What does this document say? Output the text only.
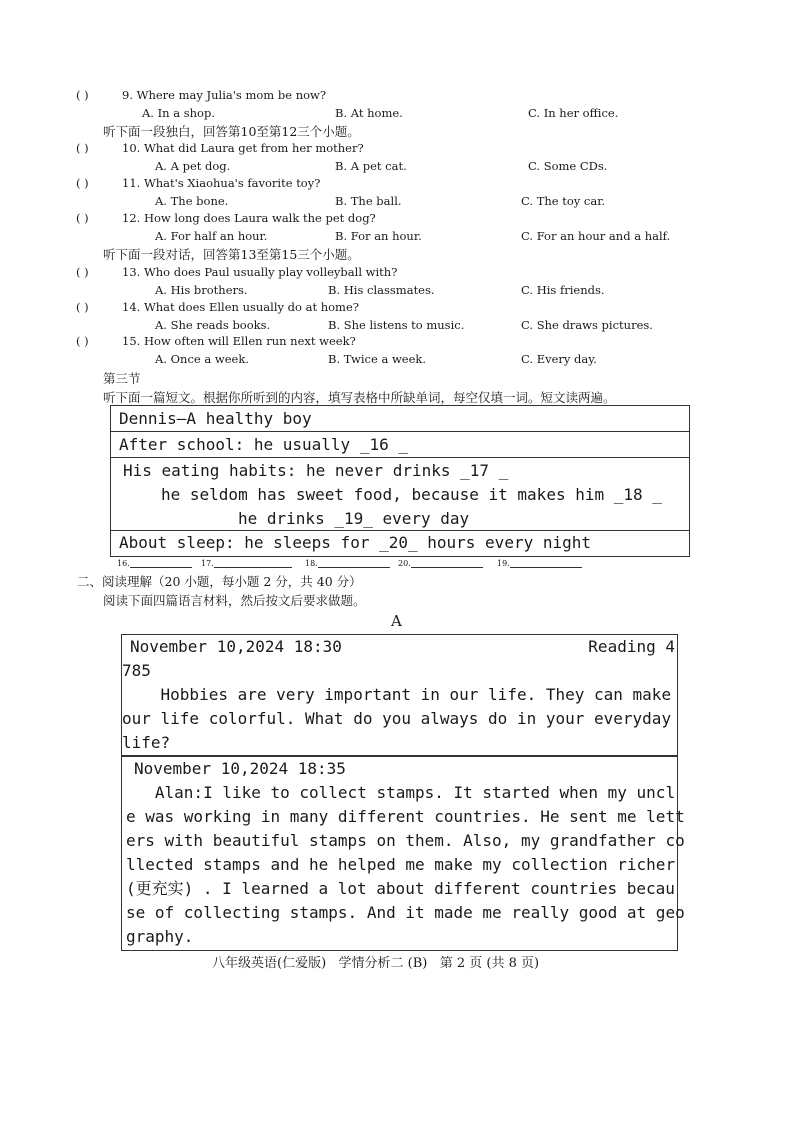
( )	9. Where may Julia's mom be now?
A. In a shop.	B. At home.	C. In her office.
听下面一段独白，回答第10至第12三个小题。
( )	10. What did Laura get from her mother?
A. A pet dog.	B. A pet cat.	C. Some CDs.
( )	11. What's Xiaohua's favorite toy?
A. The bone.	B. The ball.	C. The toy car.
( )	12. How long does Laura walk the pet dog?
A. For half an hour.	B. For an hour.	C. For an hour and a half.
听下面一段对话，回答第13至第15三个小题。
( )	13. Who does Paul usually play volleyball with?
A. His brothers.	B. His classmates.	C. His friends.
( )	14. What does Ellen usually do at home?
A. She reads books.	B. She listens to music.	C. She draws pictures.
( )	15. How often will Ellen run next week?
A. Once a week.	B. Twice a week.	C. Every day.
第三节
听下面一篇短文。根据你所听到的内容，填写表格中所缺单词，每空仅填一词。短文读两遍。
Dennis—A healthy boy
After school: he usually _16 _
His eating habits: he never drinks _17 _
he seldom has sweet food, because it makes him _18 _
he drinks _19_ every day
About sleep: he sleeps for _20_ hours every night
16.	17.	18.	20.	19.
二、阅读理解（20 小题，每小题 2 分，共 40 分）
阅读下面四篇语言材料，然后按文后要求做题。
A
November 10,2024 18:30	Reading 4
785
Hobbies are very important in our life. They can make
our life colorful. What do you always do in your everyday
life?
November 10,2024 18:35
Alan:I like to collect stamps. It started when my uncl
e was working in many different countries. He sent me lett
ers with beautiful stamps on them. Also, my grandfather co
llected stamps and he helped me make my collection richer
(更充实) . I learned a lot about different countries becau
se of collecting stamps. And it made me really good at geo
graphy.
八年级英语(仁爱版)   学情分析二 (B)   第 2 页 (共 8 页)
